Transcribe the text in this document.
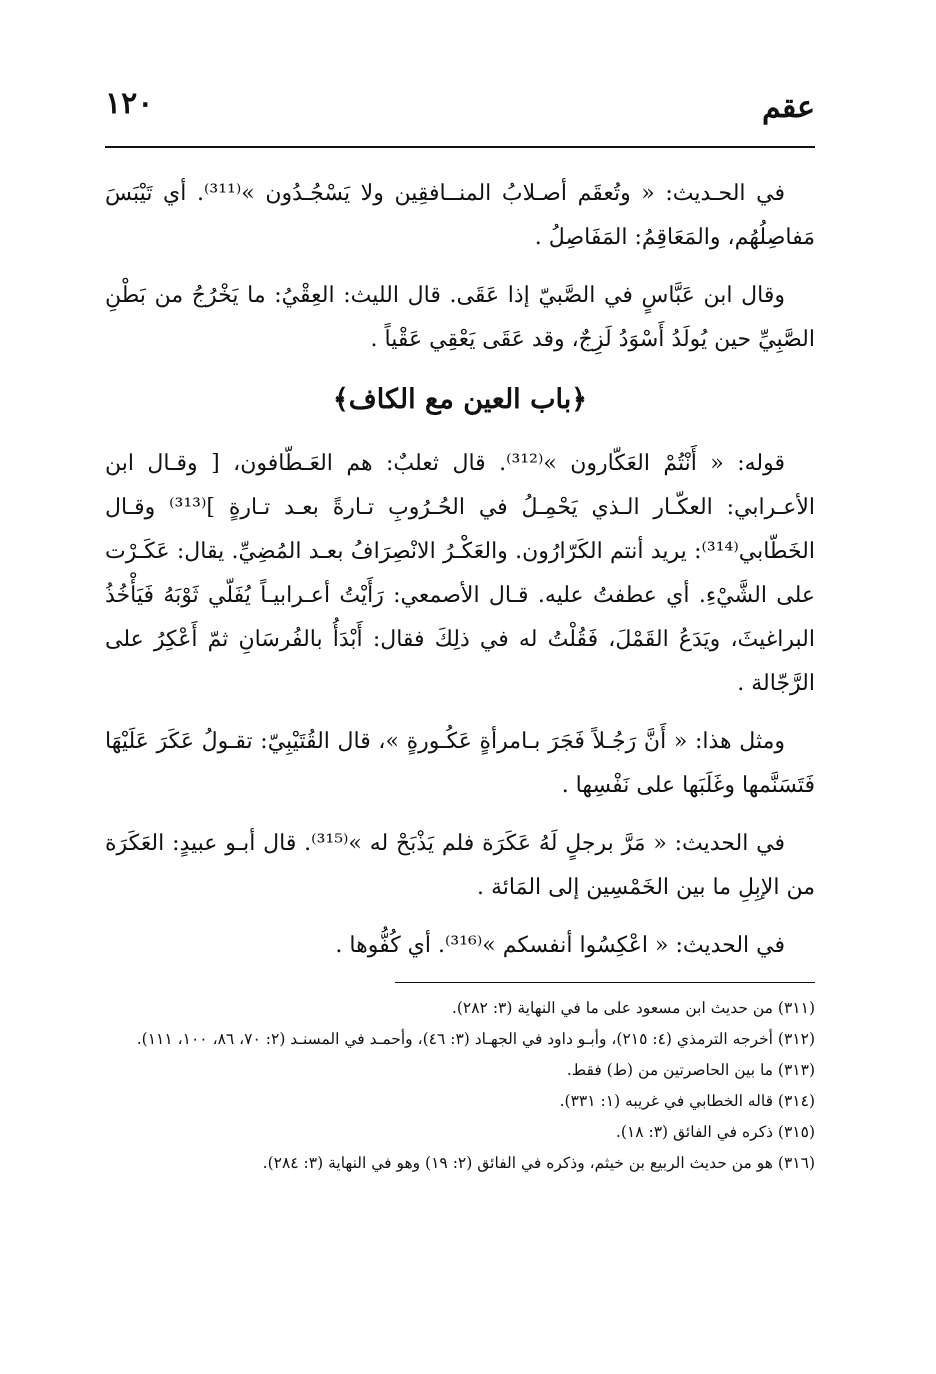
عقم
١٢٠

في الحـديث: « وتُعقَم أصـلابُ المنــافقِين ولا يَسْجُـدُون »⁽³¹¹⁾. أي تَيْبَسَ مَفاصِلُهُم، والمَعَاقِمُ: المَفَاصِلُ .

وقال ابن عَبَّاسٍ في الصَّبيّ إذا عَقَى. قال الليث: العِقْيُ: ما يَخْرُجُ من بَطْنِ الصَّبِيِّ حين يُولَدُ أَسْوَدُ لَزِجٌ، وقد عَقَى يَعْقِي عَقْياً .

﴿باب العين مع الكاف﴾

قوله: « أَنْتُمْ العَكّارون »⁽³¹²⁾. قال ثعلبٌ: هم العَـطّافون، [ وقـال ابن الأعـرابي: العكّـار الـذي يَحْمِـلُ في الحُـرُوبِ تـارةً بعـد تـارةٍ ]⁽³¹³⁾ وقـال الخَطّابي⁽³¹⁴⁾: يريد أنتم الكَرّارُون. والعَكْـرُ الانْصِرَافُ بعـد المُضِيِّ. يقال: عَكَـرْت على الشَّيْءِ. أي عطفتُ عليه. قـال الأصمعي: رَأَيْتُ أعـرابيـاً يُفَلّي ثَوْبَهُ فَيَأْخُذُ البراغيثَ، ويَدَعُ القَمْلَ، فَقُلْتُ له في ذلِكَ فقال: أَبْدَأُ بالفُرسَانِ ثمّ أَعْكِرُ على الرَّجّالة .

ومثل هذا: « أَنَّ رَجُـلاً فَجَرَ بـامرأةٍ عَكُـورةٍ »، قال القُتَيْبِيّ: تقـولُ عَكَرَ عَلَيْهَا فَتَسَنَّمها وغَلَبَها على نَفْسِها .

في الحديث: « مَرَّ برجلٍ لَهُ عَكَرَة فلم يَذْبَحْ له »⁽³¹⁵⁾. قال أبـو عبيدٍ: العَكَرَة من الإبِلِ ما بين الخَمْسِين إلى المَائة .

في الحديث: « اعْكِسُوا أنفسكم »⁽³¹⁶⁾. أي كُفُّوها .

(٣١١) من حديث ابن مسعود على ما في النهاية (٣: ٢٨٢).

(٣١٢) أخرجه الترمذي (٤: ٢١٥)، وأبـو داود في الجهـاد (٣: ٤٦)، وأحمـد في المسنـد (٢: ٧٠، ٨٦، ١٠٠، ١١١).

(٣١٣) ما بين الحاصرتين من (ط) فقط.

(٣١٤) قاله الخطابي في غريبه (١: ٣٣١).

(٣١٥) ذكره في الفائق (٣: ١٨).

(٣١٦) هو من حديث الربيع بن خيثم، وذكره في الفائق (٢: ١٩) وهو في النهاية (٣: ٢٨٤).
